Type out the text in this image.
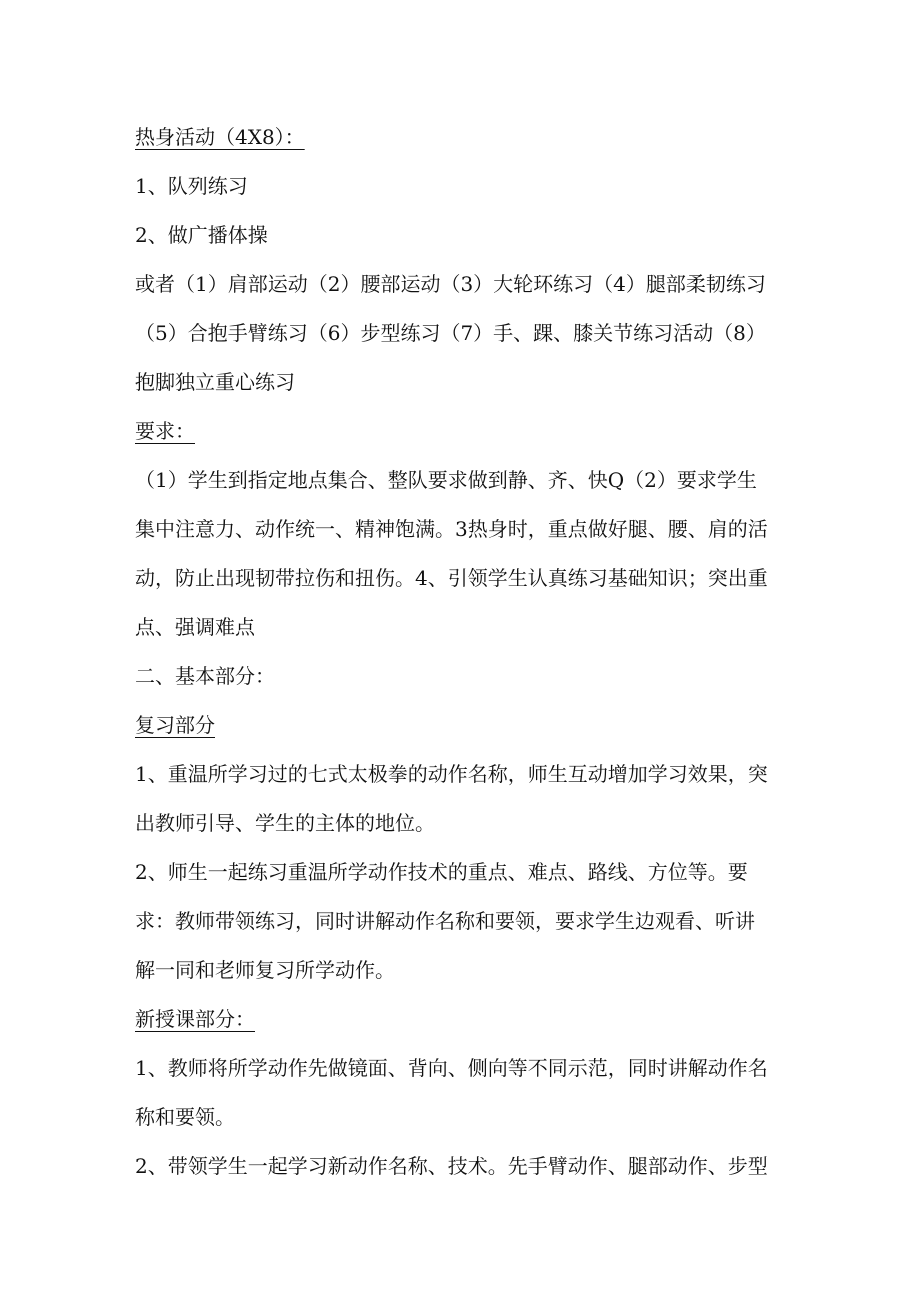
热身活动（4X8）：

1、队列练习

2、做广播体操

或者（1）肩部运动（2）腰部运动（3）大轮环练习（4）腿部柔韧练习

（5）合抱手臂练习（6）步型练习（7）手、踝、膝关节练习活动（8）

抱脚独立重心练习

要求：

（1）学生到指定地点集合、整队要求做到静、齐、快Q（2）要求学生

集中注意力、动作统一、精神饱满。3热身时，重点做好腿、腰、肩的活

动，防止出现韧带拉伤和扭伤。4、引领学生认真练习基础知识；突出重

点、强调难点

二、基本部分：

复习部分

1、重温所学习过的七式太极拳的动作名称，师生互动增加学习效果，突

出教师引导、学生的主体的地位。

2、师生一起练习重温所学动作技术的重点、难点、路线、方位等。要

求：教师带领练习，同时讲解动作名称和要领，要求学生边观看、听讲

解一同和老师复习所学动作。

新授课部分：

1、教师将所学动作先做镜面、背向、侧向等不同示范，同时讲解动作名

称和要领。

2、带领学生一起学习新动作名称、技术。先手臂动作、腿部动作、步型
